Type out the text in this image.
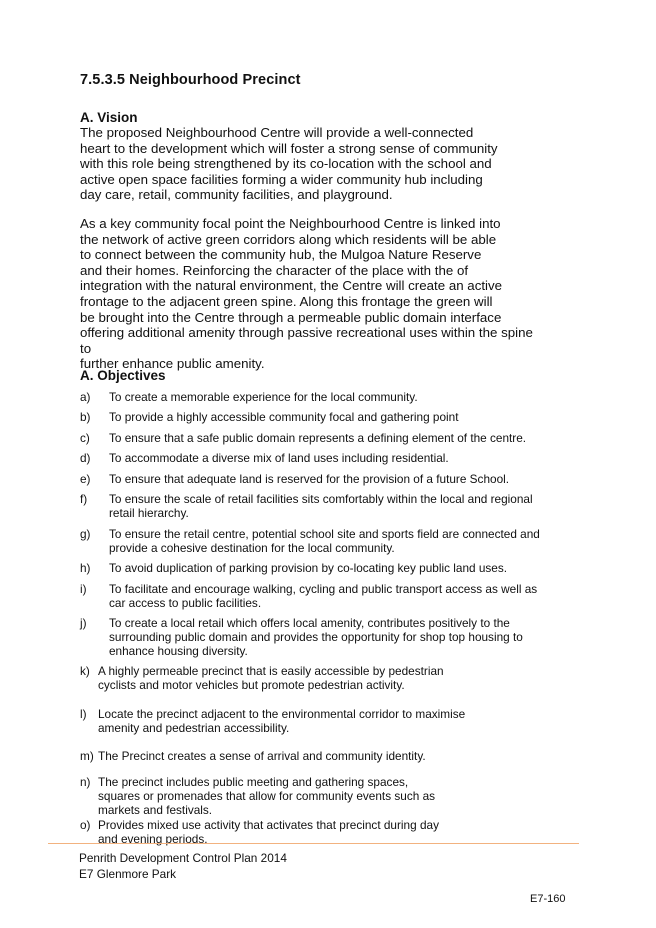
7.5.3.5 Neighbourhood Precinct
A. Vision
The proposed Neighbourhood Centre will provide a well-connected
heart to the development which will foster a strong sense of community
with this role being strengthened by its co-location with the school and
active open space facilities forming a wider community hub including
day care, retail, community facilities, and playground.
As a key community focal point the Neighbourhood Centre is linked into
the network of active green corridors along which residents will be able
to connect between the community hub, the Mulgoa Nature Reserve
and their homes. Reinforcing the character of the place with the of
integration with the natural environment, the Centre will create an active
frontage to the adjacent green spine. Along this frontage the green will
be brought into the Centre through a permeable public domain interface
offering additional amenity through passive recreational uses within the spine to
further enhance public amenity.
A. Objectives
a) To create a memorable experience for the local community.
b) To provide a highly accessible community focal and gathering point
c) To ensure that a safe public domain represents a defining element of the centre.
d) To accommodate a diverse mix of land uses including residential.
e) To ensure that adequate land is reserved for the provision of a future School.
f) To ensure the scale of retail facilities sits comfortably within the local and regional
retail hierarchy.
g) To ensure the retail centre, potential school site and sports field are connected and
provide a cohesive destination for the local community.
h) To avoid duplication of parking provision by co-locating key public land uses.
i) To facilitate and encourage walking, cycling and public transport access as well as
car access to public facilities.
j) To create a local retail which offers local amenity, contributes positively to the
surrounding public domain and provides the opportunity for shop top housing to
enhance housing diversity.
k) A highly permeable precinct that is easily accessible by pedestrian
cyclists and motor vehicles but promote pedestrian activity.
l) Locate the precinct adjacent to the environmental corridor to maximise
amenity and pedestrian accessibility.
m) The Precinct creates a sense of arrival and community identity.
n) The precinct includes public meeting and gathering spaces,
squares or promenades that allow for community events such as
markets and festivals.
o) Provides mixed use activity that activates that precinct during day
and evening periods.
Penrith Development Control Plan 2014
E7 Glenmore Park
E7-160
